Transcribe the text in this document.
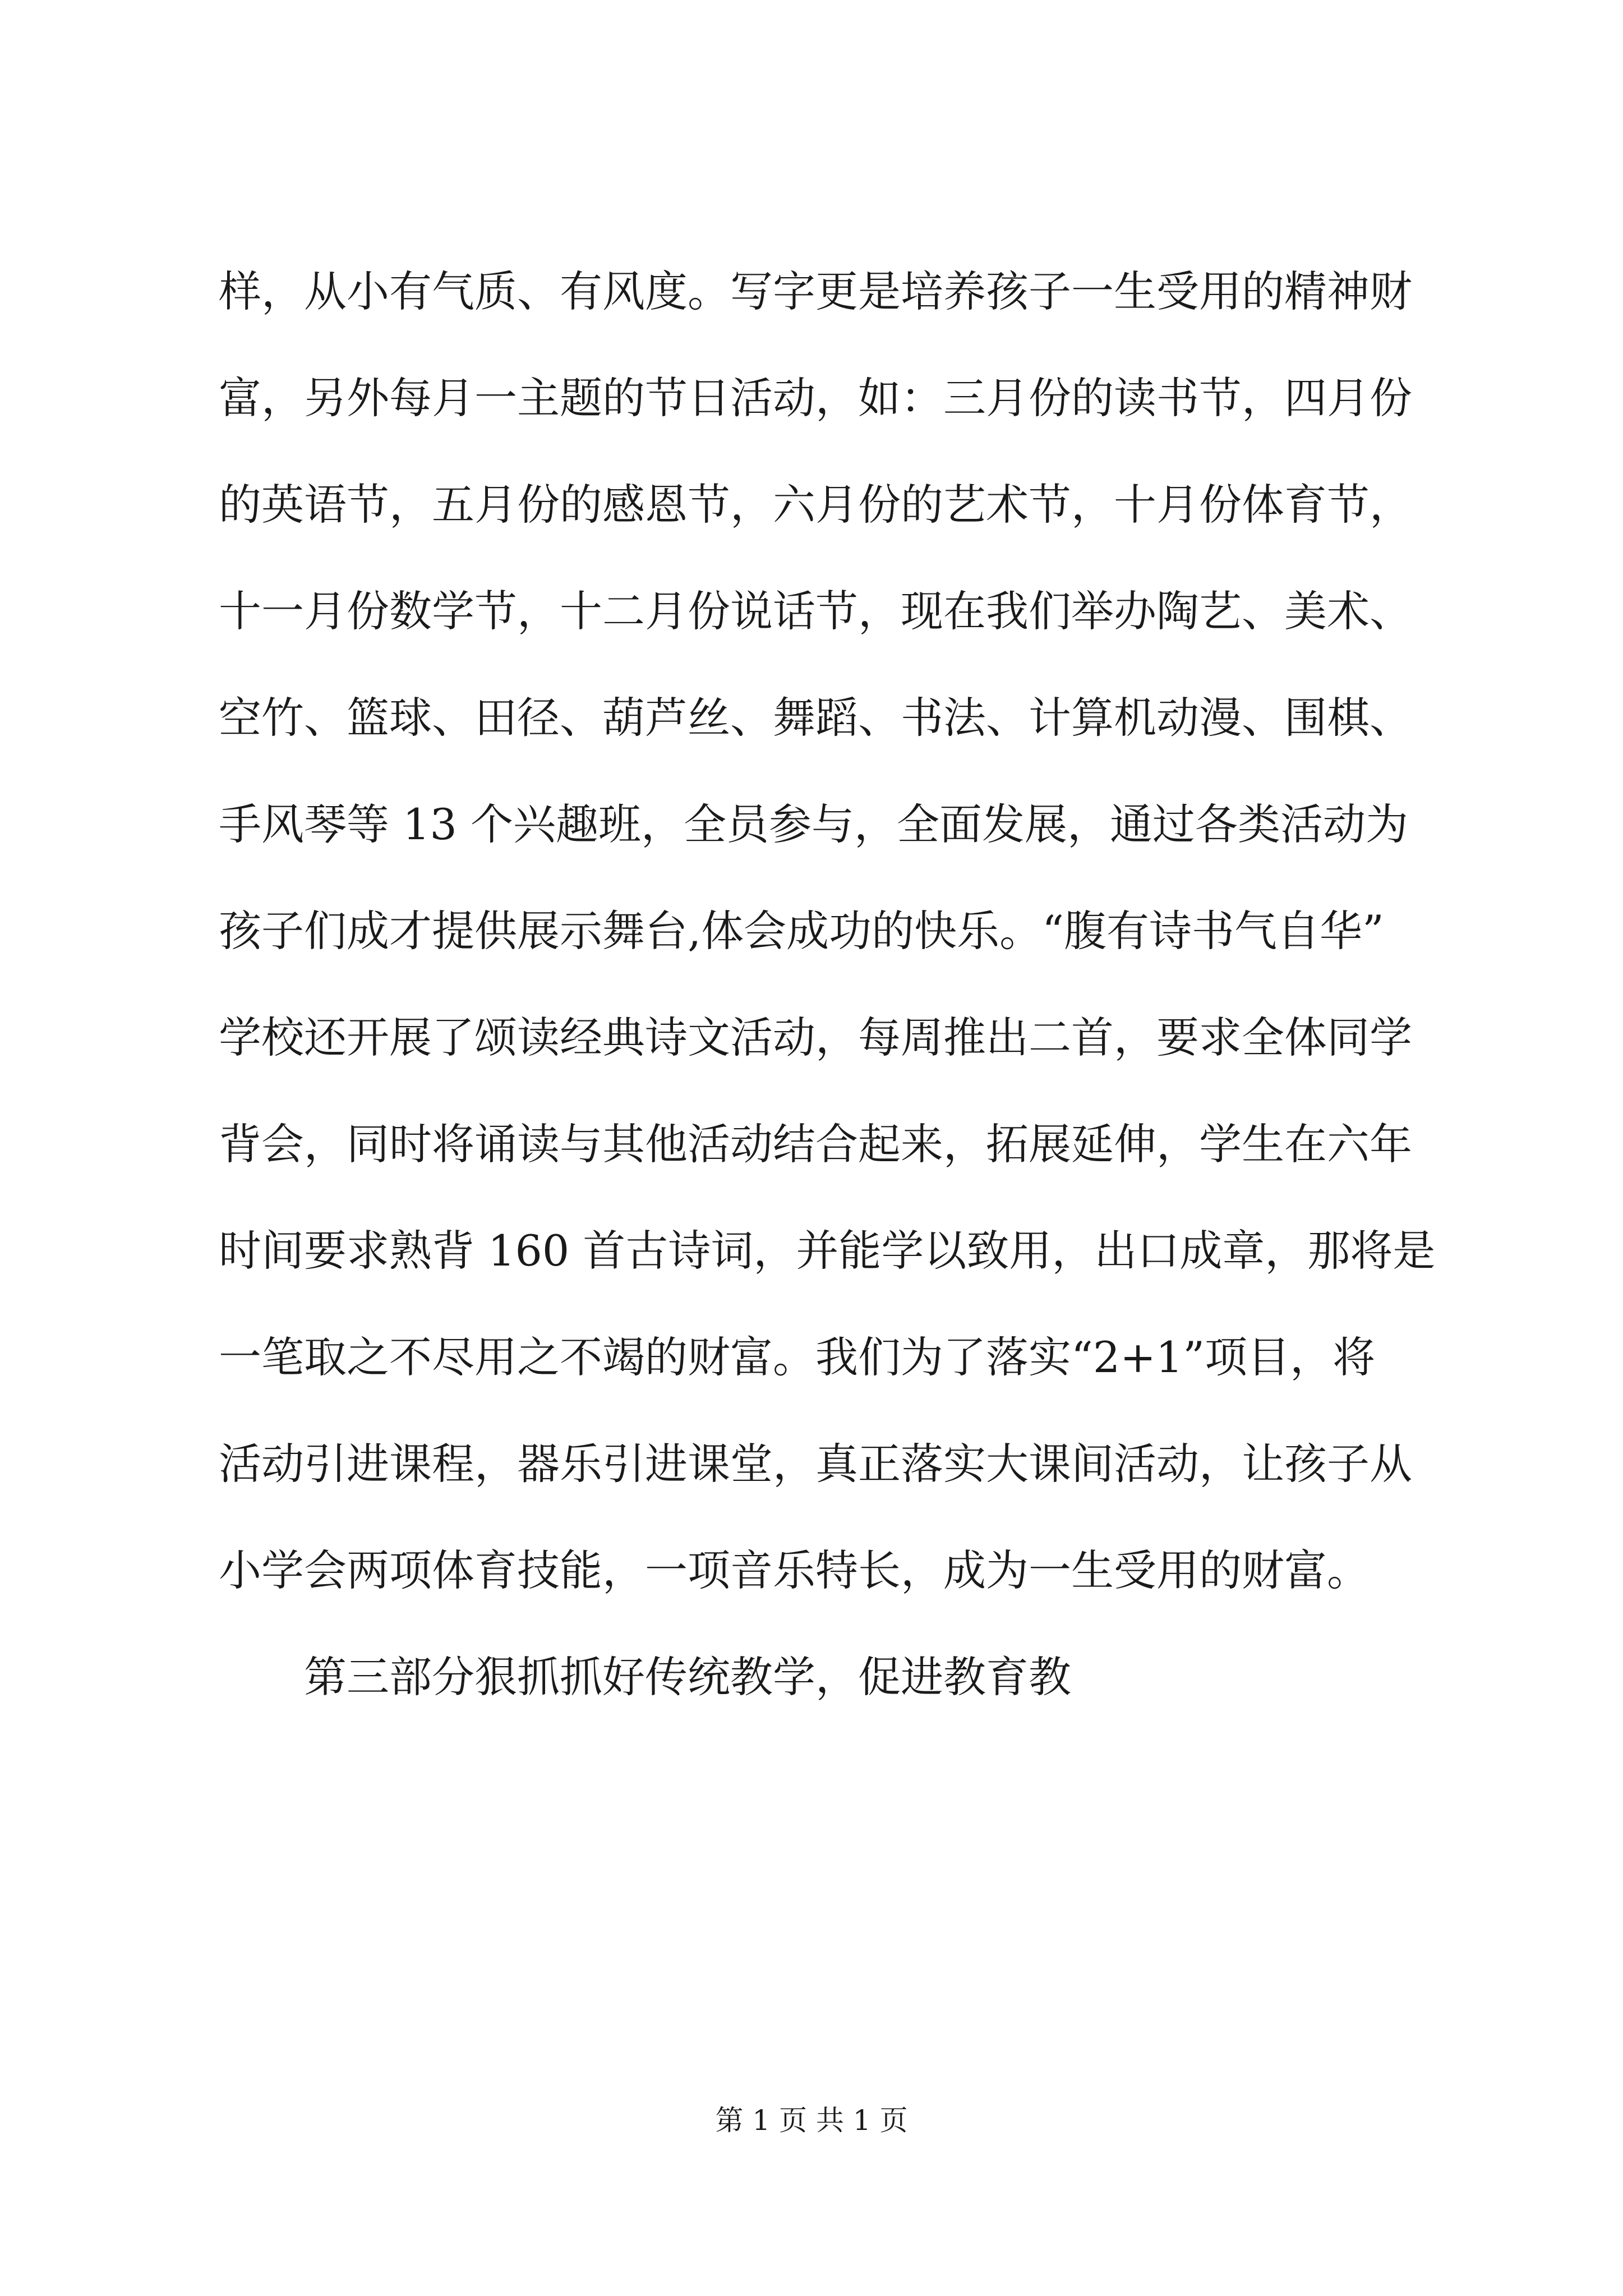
样，从小有气质、有风度。写字更是培养孩子一生受用的精神财
富，另外每月一主题的节日活动，如：三月份的读书节，四月份
的英语节，五月份的感恩节，六月份的艺术节，十月份体育节，
十一月份数学节，十二月份说话节，现在我们举办陶艺、美术、
空竹、篮球、田径、葫芦丝、舞蹈、书法、计算机动漫、围棋、
手风琴等 13 个兴趣班，全员参与，全面发展，通过各类活动为
孩子们成才提供展示舞台,体会成功的快乐。“腹有诗书气自华”
学校还开展了颂读经典诗文活动，每周推出二首，要求全体同学
背会，同时将诵读与其他活动结合起来，拓展延伸，学生在六年
时间要求熟背 160 首古诗词，并能学以致用，出口成章，那将是
一笔取之不尽用之不竭的财富。我们为了落实“2+1”项目，将
活动引进课程，器乐引进课堂，真正落实大课间活动，让孩子从
小学会两项体育技能，一项音乐特长，成为一生受用的财富。
第三部分狠抓抓好传统教学，促进教育教
第 1 页 共 1 页
